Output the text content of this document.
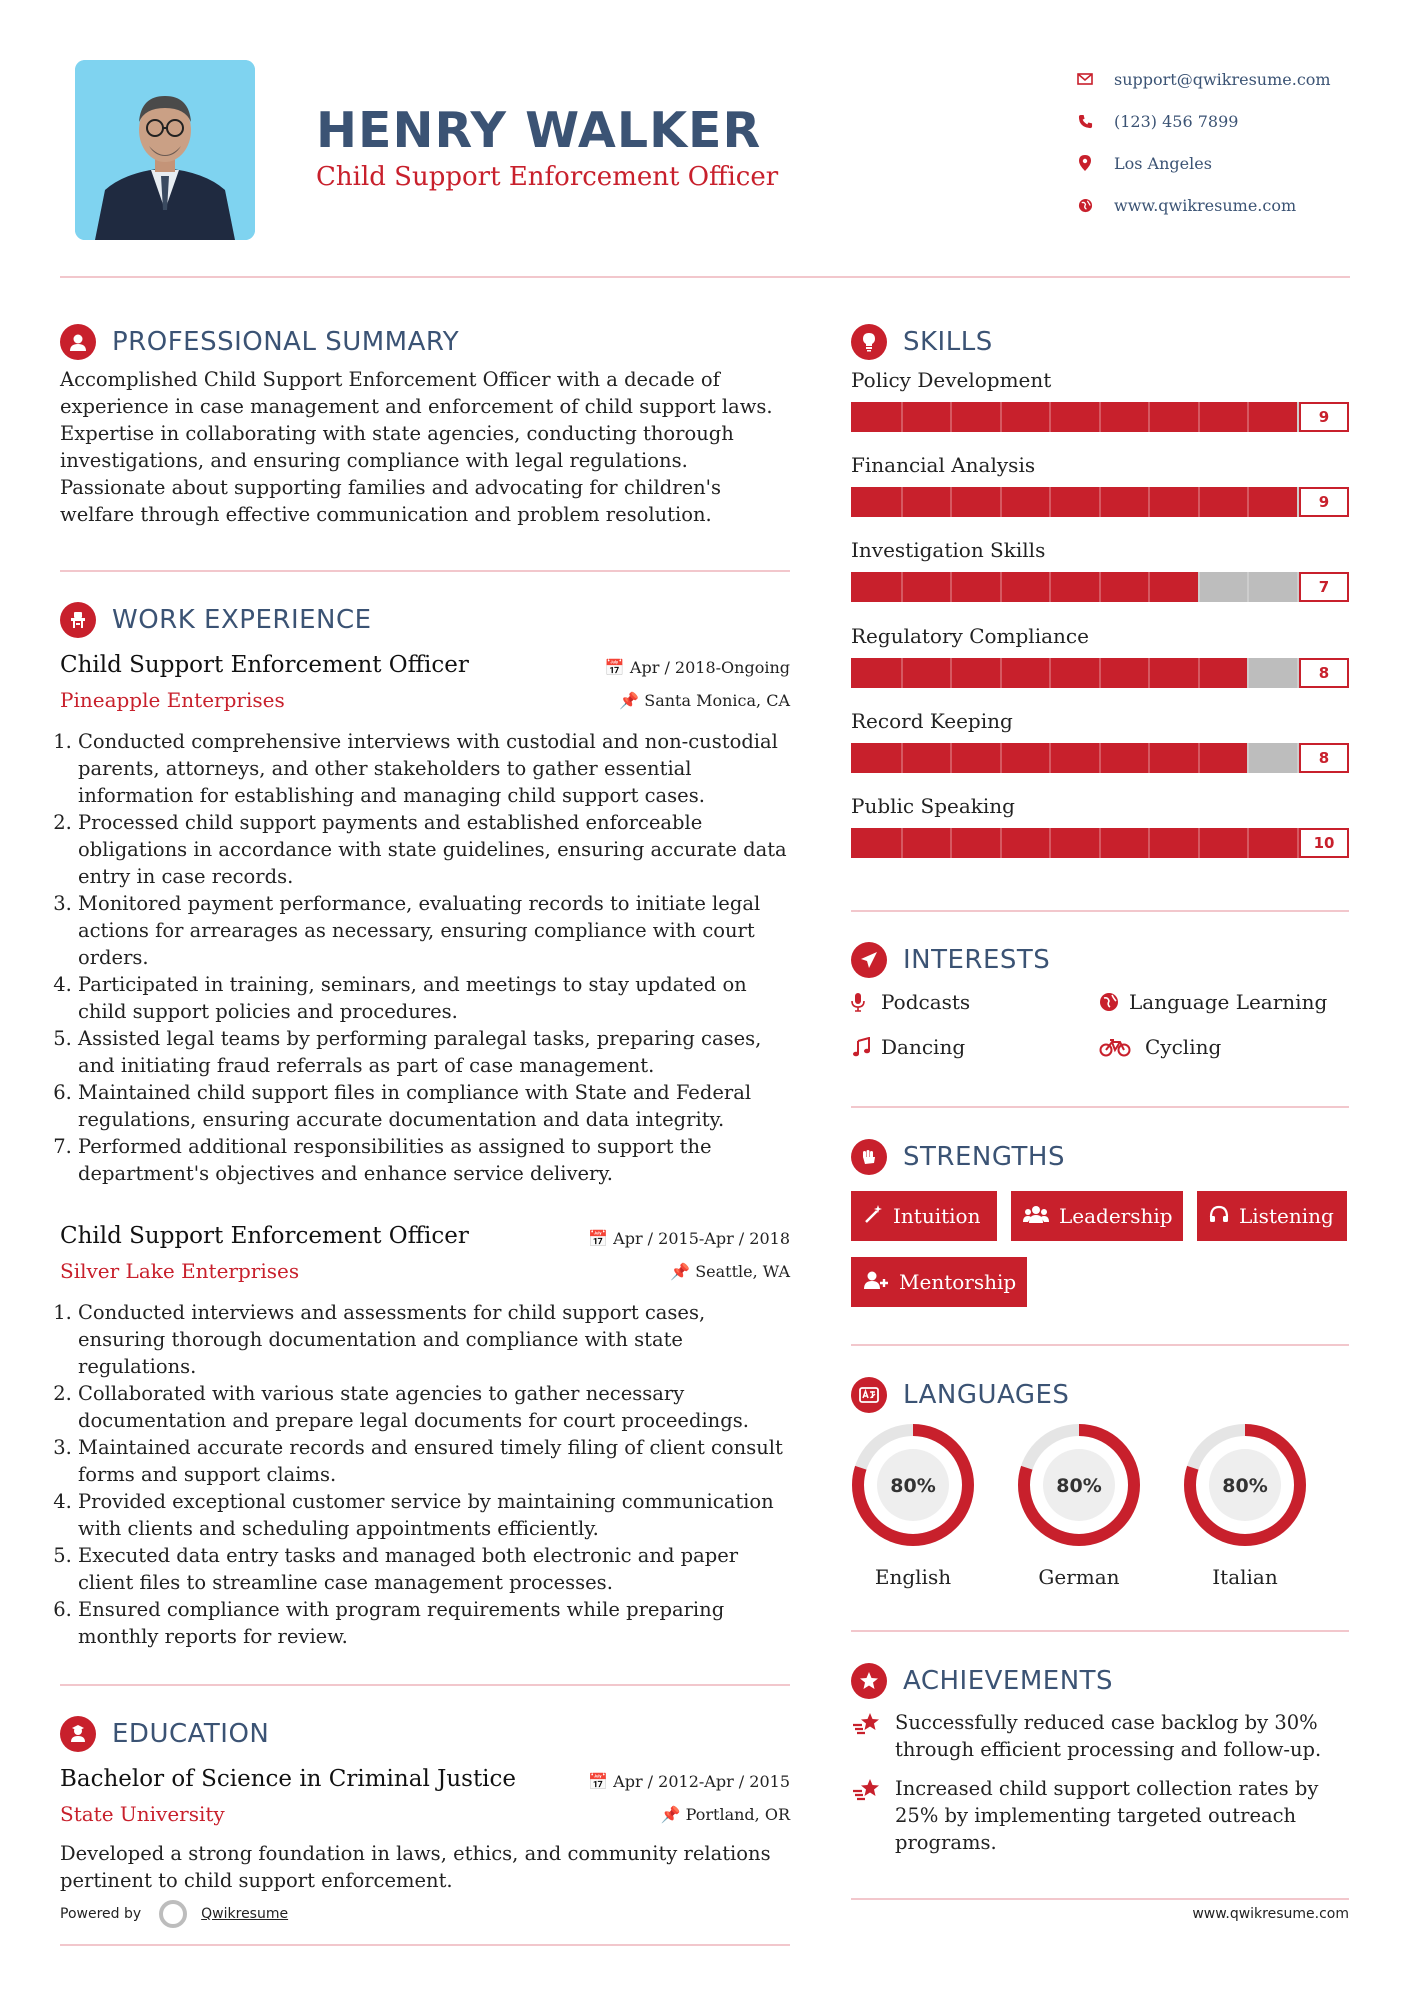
HENRY WALKER
Child Support Enforcement Officer
support@qwikresume.com
(123) 456 7899
Los Angeles
www.qwikresume.com
PROFESSIONAL SUMMARY

Accomplished Child Support Enforcement Officer with a decade of experience in case management and enforcement of child support laws. Expertise in collaborating with state agencies, conducting thorough investigations, and ensuring compliance with legal regulations. Passionate about supporting families and advocating for children's welfare through effective communication and problem resolution.

WORK EXPERIENCE
Child Support Enforcement Officer	📅 Apr / 2018-Ongoing
Pineapple Enterprises	📌 Santa Monica, CA
1. Conducted comprehensive interviews with custodial and non-custodial parents, attorneys, and other stakeholders to gather essential information for establishing and managing child support cases.
2. Processed child support payments and established enforceable obligations in accordance with state guidelines, ensuring accurate data entry in case records.
3. Monitored payment performance, evaluating records to initiate legal actions for arrearages as necessary, ensuring compliance with court orders.
4. Participated in training, seminars, and meetings to stay updated on child support policies and procedures.
5. Assisted legal teams by performing paralegal tasks, preparing cases, and initiating fraud referrals as part of case management.
6. Maintained child support files in compliance with State and Federal regulations, ensuring accurate documentation and data integrity.
7. Performed additional responsibilities as assigned to support the department's objectives and enhance service delivery.
Child Support Enforcement Officer	📅 Apr / 2015-Apr / 2018
Silver Lake Enterprises	📌 Seattle, WA
1. Conducted interviews and assessments for child support cases, ensuring thorough documentation and compliance with state regulations.
2. Collaborated with various state agencies to gather necessary documentation and prepare legal documents for court proceedings.
3. Maintained accurate records and ensured timely filing of client consult forms and support claims.
4. Provided exceptional customer service by maintaining communication with clients and scheduling appointments efficiently.
5. Executed data entry tasks and managed both electronic and paper client files to streamline case management processes.
6. Ensured compliance with program requirements while preparing monthly reports for review.
EDUCATION
Bachelor of Science in Criminal Justice	📅 Apr / 2012-Apr / 2015
State University	📌 Portland, OR

Developed a strong foundation in laws, ethics, and community relations pertinent to child support enforcement.

Powered by	Qwikresume
SKILLS
Policy Development
9
Financial Analysis
9
Investigation Skills
7
Regulatory Compliance
8
Record Keeping
8
Public Speaking
10
INTERESTS
Podcasts	Language Learning
Dancing	Cycling
STRENGTHS
Intuition	Leadership	Listening
Mentorship
LANGUAGES
80%
English
80%
German
80%
Italian
ACHIEVEMENTS
Successfully reduced case backlog by 30% through efficient processing and follow-up.
Increased child support collection rates by 25% by implementing targeted outreach programs.
www.qwikresume.com
